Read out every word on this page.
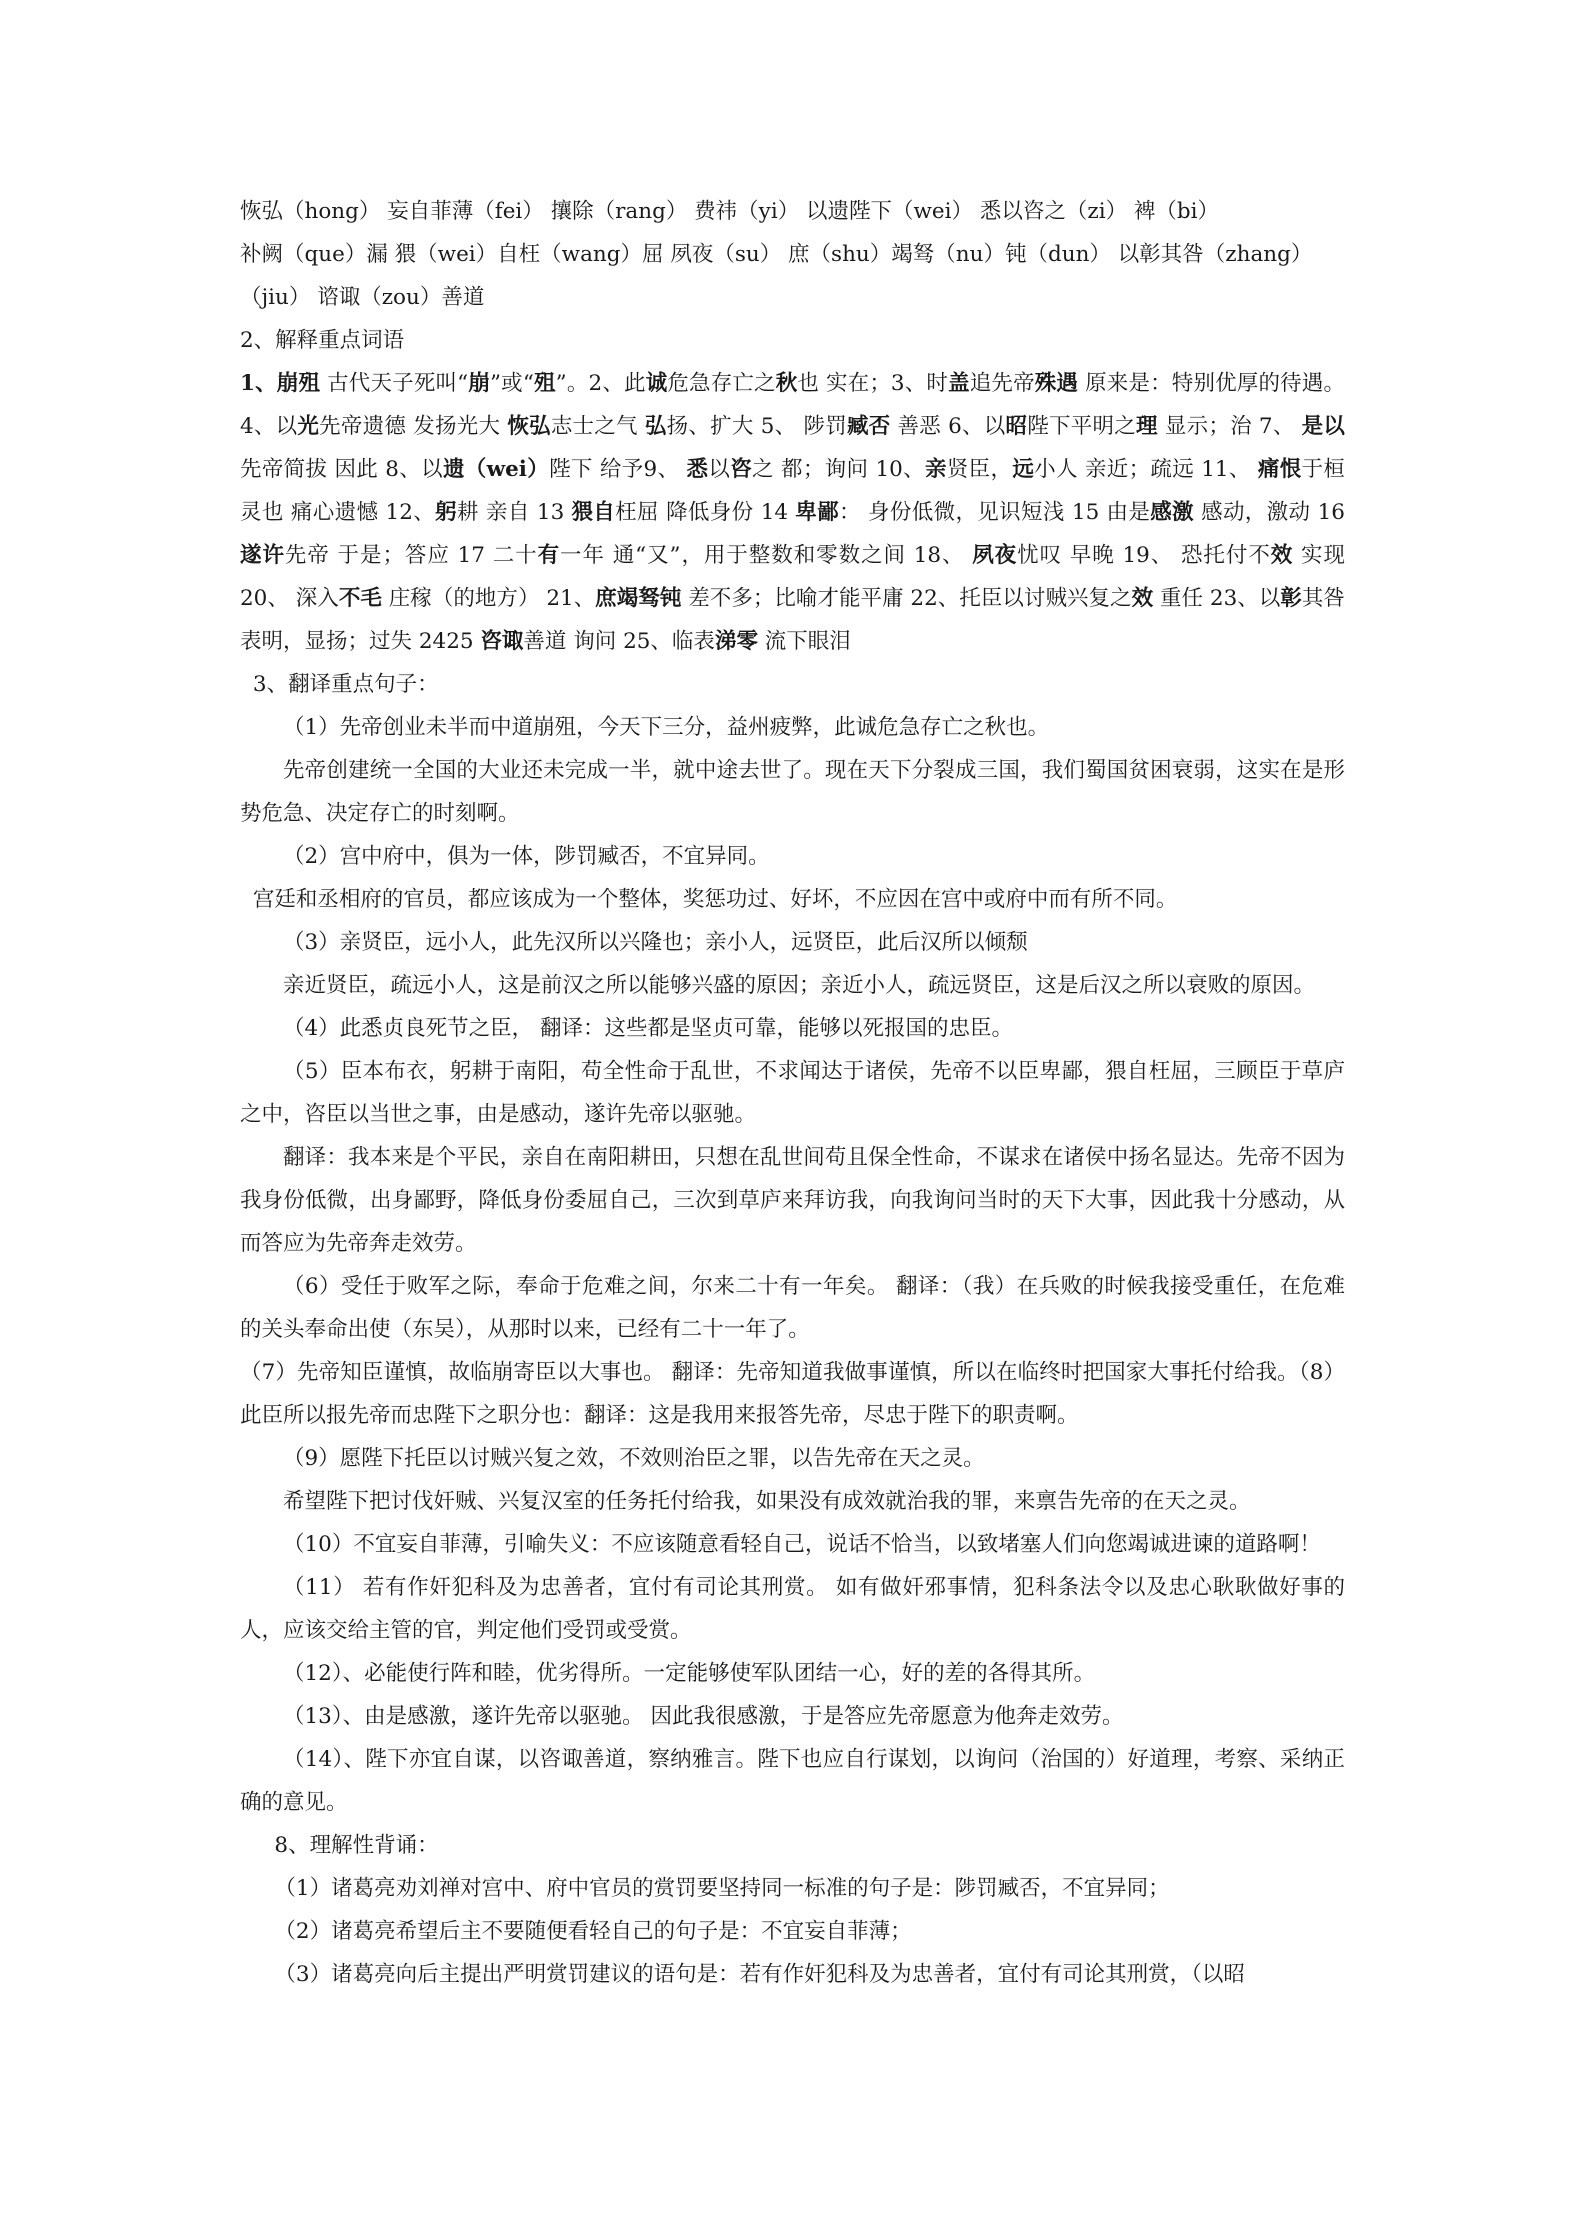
恢弘（hong） 妄自菲薄（fei） 攘除（rang） 费祎（yi） 以遗陛下（wei） 悉以咨之（zi） 裨（bi）

补阙（que）漏 猥（wei）自枉（wang）屈 夙夜（su） 庶（shu）竭驽（nu）钝（dun） 以彰其咎（zhang）

（jiu） 谘诹（zou）善道

2、解释重点词语

1、崩殂 古代天子死叫“崩”或“殂”。2、此诚危急存亡之秋也 实在；3、时盖追先帝殊遇 原来是：特别优厚的待遇。 4、以光先帝遗德 发扬光大 恢弘志士之气 弘扬、扩大 5、 陟罚臧否 善恶 6、以昭陛下平明之理 显示；治 7、 是以先帝简拔 因此 8、以遗（wei）陛下 给予9、 悉以咨之 都；询问 10、亲贤臣，远小人 亲近；疏远 11、 痛恨于桓灵也 痛心遗憾 12、躬耕 亲自 13 猥自枉屈 降低身份 14 卑鄙： 身份低微，见识短浅 15 由是感激 感动，激动 16 遂许先帝 于是；答应 17 二十有一年 通“又”，用于整数和零数之间 18、 夙夜忧叹 早晚 19、 恐托付不效 实现 20、 深入不毛 庄稼（的地方） 21、庶竭驽钝 差不多；比喻才能平庸 22、托臣以讨贼兴复之效 重任 23、以彰其咎 表明，显扬；过失 2425 咨诹善道 询问 25、临表涕零 流下眼泪

3、翻译重点句子：

（1）先帝创业未半而中道崩殂，今天下三分，益州疲弊，此诚危急存亡之秋也。

先帝创建统一全国的大业还未完成一半，就中途去世了。现在天下分裂成三国，我们蜀国贫困衰弱，这实在是形势危急、决定存亡的时刻啊。

（2）宫中府中，俱为一体，陟罚臧否，不宜异同。

宫廷和丞相府的官员，都应该成为一个整体，奖惩功过、好坏，不应因在宫中或府中而有所不同。

（3）亲贤臣，远小人，此先汉所以兴隆也；亲小人，远贤臣，此后汉所以倾颓

亲近贤臣，疏远小人，这是前汉之所以能够兴盛的原因；亲近小人，疏远贤臣，这是后汉之所以衰败的原因。

（4）此悉贞良死节之臣， 翻译：这些都是坚贞可靠，能够以死报国的忠臣。

（5）臣本布衣，躬耕于南阳，苟全性命于乱世，不求闻达于诸侯，先帝不以臣卑鄙，猥自枉屈，三顾臣于草庐之中，咨臣以当世之事，由是感动，遂许先帝以驱驰。

翻译：我本来是个平民，亲自在南阳耕田，只想在乱世间苟且保全性命，不谋求在诸侯中扬名显达。先帝不因为我身份低微，出身鄙野，降低身份委屈自己，三次到草庐来拜访我，向我询问当时的天下大事，因此我十分感动，从而答应为先帝奔走效劳。

（6）受任于败军之际，奉命于危难之间，尔来二十有一年矣。 翻译：（我）在兵败的时候我接受重任，在危难的关头奉命出使（东吴），从那时以来，已经有二十一年了。

（7）先帝知臣谨慎，故临崩寄臣以大事也。 翻译：先帝知道我做事谨慎，所以在临终时把国家大事托付给我。（8）此臣所以报先帝而忠陛下之职分也：翻译：这是我用来报答先帝，尽忠于陛下的职责啊。

（9）愿陛下托臣以讨贼兴复之效，不效则治臣之罪，以告先帝在天之灵。

希望陛下把讨伐奸贼、兴复汉室的任务托付给我，如果没有成效就治我的罪，来禀告先帝的在天之灵。

（10）不宜妄自菲薄，引喻失义：不应该随意看轻自己，说话不恰当，以致堵塞人们向您竭诚进谏的道路啊！

（11） 若有作奸犯科及为忠善者，宜付有司论其刑赏。 如有做奸邪事情，犯科条法令以及忠心耿耿做好事的人，应该交给主管的官，判定他们受罚或受赏。

（12）、必能使行阵和睦，优劣得所。一定能够使军队团结一心，好的差的各得其所。

（13）、由是感激，遂许先帝以驱驰。 因此我很感激，于是答应先帝愿意为他奔走效劳。

（14）、陛下亦宜自谋，以咨诹善道，察纳雅言。陛下也应自行谋划，以询问（治国的）好道理，考察、采纳正确的意见。

8、理解性背诵：

（1）诸葛亮劝刘禅对宫中、府中官员的赏罚要坚持同一标准的句子是：陟罚臧否，不宜异同；

（2）诸葛亮希望后主不要随便看轻自己的句子是：不宜妄自菲薄；

（3）诸葛亮向后主提出严明赏罚建议的语句是：若有作奸犯科及为忠善者，宜付有司论其刑赏，（以昭
